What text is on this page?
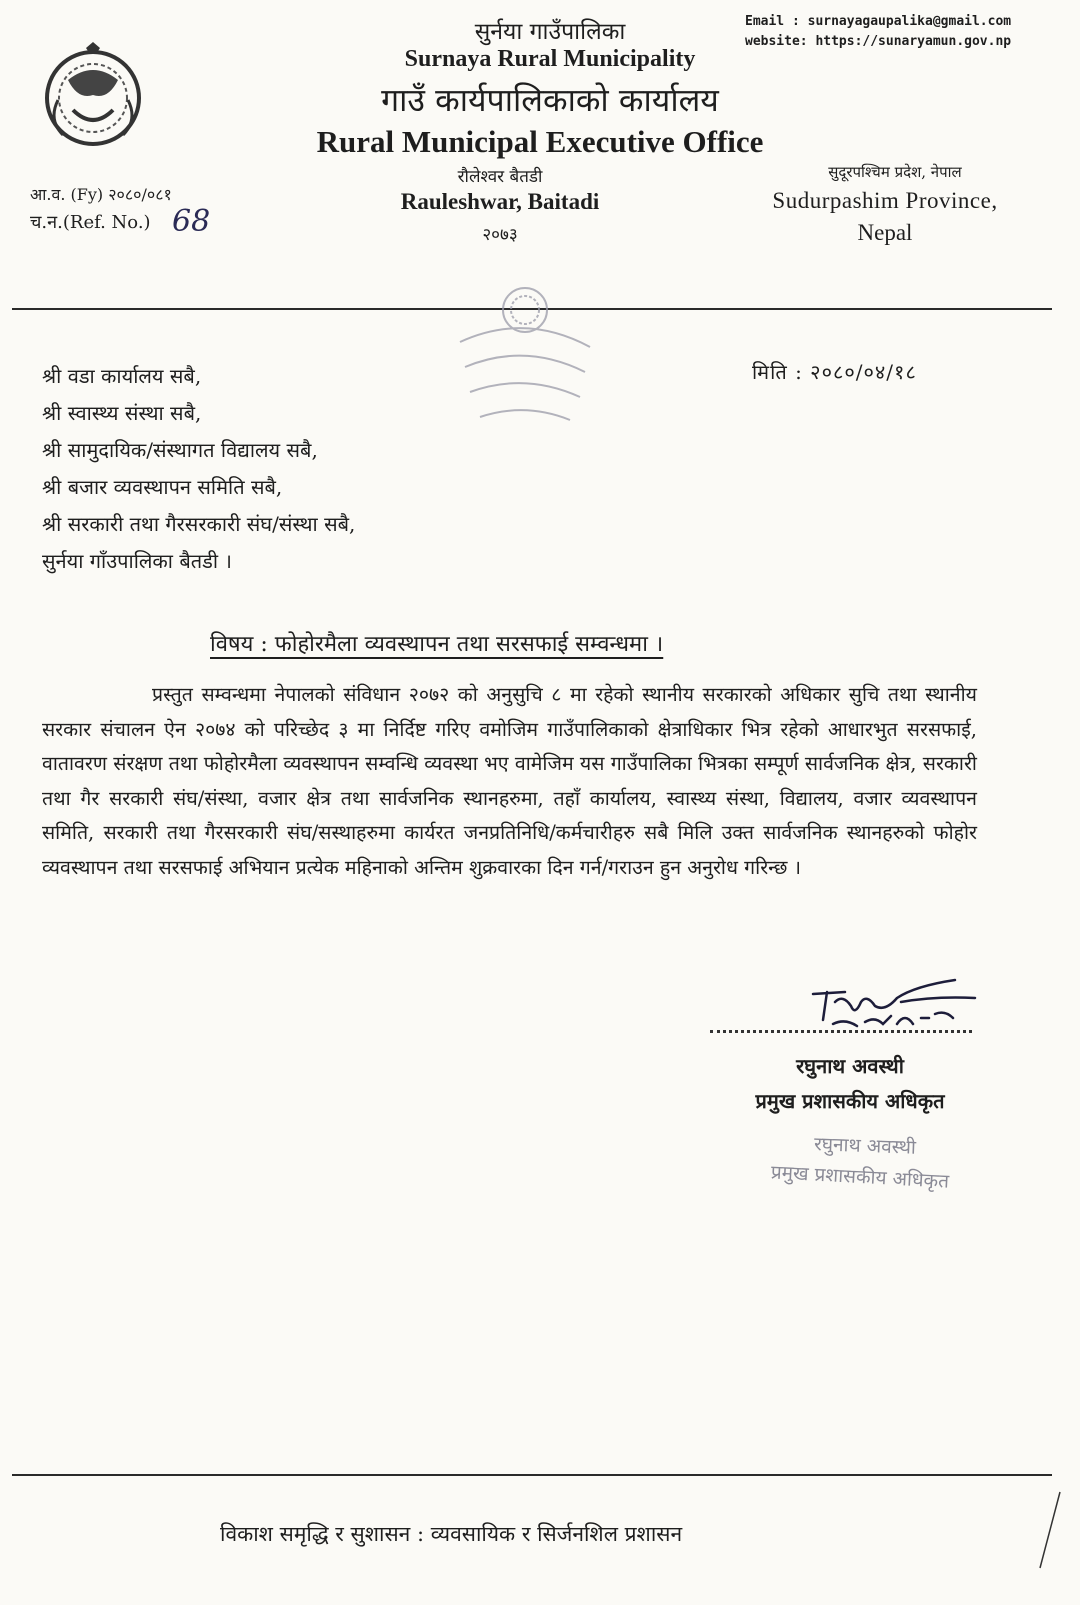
सुर्नया गाउँपालिका
Surnaya Rural Municipality
गाउँ कार्यपालिकाको कार्यालय
Rural Municipal Executive Office
रौलेश्वर बैतडी
Rauleshwar, Baitadi
२०७३
Email : surnayagaupalika@gmail.com
website: https://sunaryamun.gov.np
सुदूरपश्चिम प्रदेश, नेपाल
Sudurpashim Province,
Nepal
आ.व. (Fy) २०८०/०८१
च.न.(Ref. No.) 68
श्री वडा कार्यालय सबै,
श्री स्वास्थ्य संस्था सबै,
श्री सामुदायिक/संस्थागत विद्यालय सबै,
श्री बजार व्यवस्थापन समिति सबै,
श्री सरकारी तथा गैरसरकारी संघ/संस्था सबै,
सुर्नया गाँउपालिका बैतडी ।
मिति : २०८०/०४/१८
विषय : फोहोरमैला व्यवस्थापन तथा सरसफाई सम्वन्धमा ।
प्रस्तुत सम्वन्धमा नेपालको संविधान २०७२ को अनुसुचि ८ मा रहेको स्थानीय सरकारको अधिकार सुचि तथा स्थानीय सरकार संचालन ऐन २०७४ को परिच्छेद ३ मा निर्दिष्ट गरिए वमोजिम गाउँपालिकाको क्षेत्राधिकार भित्र रहेको आधारभुत सरसफाई, वातावरण संरक्षण तथा फोहोरमैला व्यवस्थापन सम्वन्धि व्यवस्था भए वामेजिम यस गाउँपालिका भित्रका सम्पूर्ण सार्वजनिक क्षेत्र, सरकारी तथा गैर सरकारी संघ/संस्था, वजार क्षेत्र तथा सार्वजनिक स्थानहरुमा, तहाँ कार्यालय, स्वास्थ्य संस्था, विद्यालय, वजार व्यवस्थापन समिति, सरकारी तथा गैरसरकारी संघ/सस्थाहरुमा कार्यरत जनप्रतिनिधि/कर्मचारीहरु सबै मिलि उक्त सार्वजनिक स्थानहरुको फोहोर व्यवस्थापन तथा सरसफाई अभियान प्रत्येक महिनाको अन्तिम शुक्रवारका दिन गर्न/गराउन हुन अनुरोध गरिन्छ ।
रघुनाथ अवस्थी
प्रमुख प्रशासकीय अधिकृत
रघुनाथ अवस्थी
प्रमुख प्रशासकीय अधिकृत
विकाश समृद्धि र सुशासन : व्यवसायिक र सिर्जनशिल प्रशासन
